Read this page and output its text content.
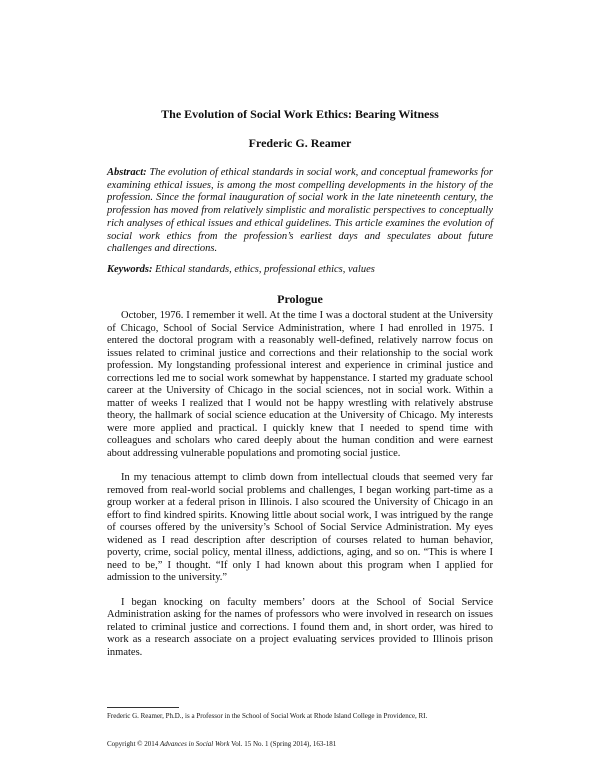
The Evolution of Social Work Ethics: Bearing Witness
Frederic G. Reamer

Abstract: The evolution of ethical standards in social work, and conceptual frameworks for examining ethical issues, is among the most compelling developments in the history of the profession. Since the formal inauguration of social work in the late nineteenth century, the profession has moved from relatively simplistic and moralistic perspectives to conceptually rich analyses of ethical issues and ethical guidelines. This article examines the evolution of social work ethics from the profession’s earliest days and speculates about future challenges and directions.

Keywords: Ethical standards, ethics, professional ethics, values

Prologue

October, 1976. I remember it well. At the time I was a doctoral student at the University of Chicago, School of Social Service Administration, where I had enrolled in 1975. I entered the doctoral program with a reasonably well-defined, relatively narrow focus on issues related to criminal justice and corrections and their relationship to the social work profession. My longstanding professional interest and experience in criminal justice and corrections led me to social work somewhat by happenstance. I started my graduate school career at the University of Chicago in the social sciences, not in social work. Within a matter of weeks I realized that I would not be happy wrestling with relatively abstruse theory, the hallmark of social science education at the University of Chicago. My interests were more applied and practical. I quickly knew that I needed to spend time with colleagues and scholars who cared deeply about the human condition and were earnest about addressing vulnerable populations and promoting social justice.

In my tenacious attempt to climb down from intellectual clouds that seemed very far removed from real-world social problems and challenges, I began working part-time as a group worker at a federal prison in Illinois. I also scoured the University of Chicago in an effort to find kindred spirits. Knowing little about social work, I was intrigued by the range of courses offered by the university’s School of Social Service Administration. My eyes widened as I read description after description of courses related to human behavior, poverty, crime, social policy, mental illness, addictions, aging, and so on. “This is where I need to be,” I thought. “If only I had known about this program when I applied for admission to the university.”

I began knocking on faculty members’ doors at the School of Social Service Administration asking for the names of professors who were involved in research on issues related to criminal justice and corrections. I found them and, in short order, was hired to work as a research associate on a project evaluating services provided to Illinois prison inmates.

Frederic G. Reamer, Ph.D., is a Professor in the School of Social Work at Rhode Island College in Providence, RI.

Copyright © 2014 Advances in Social Work Vol. 15 No. 1 (Spring 2014), 163-181
